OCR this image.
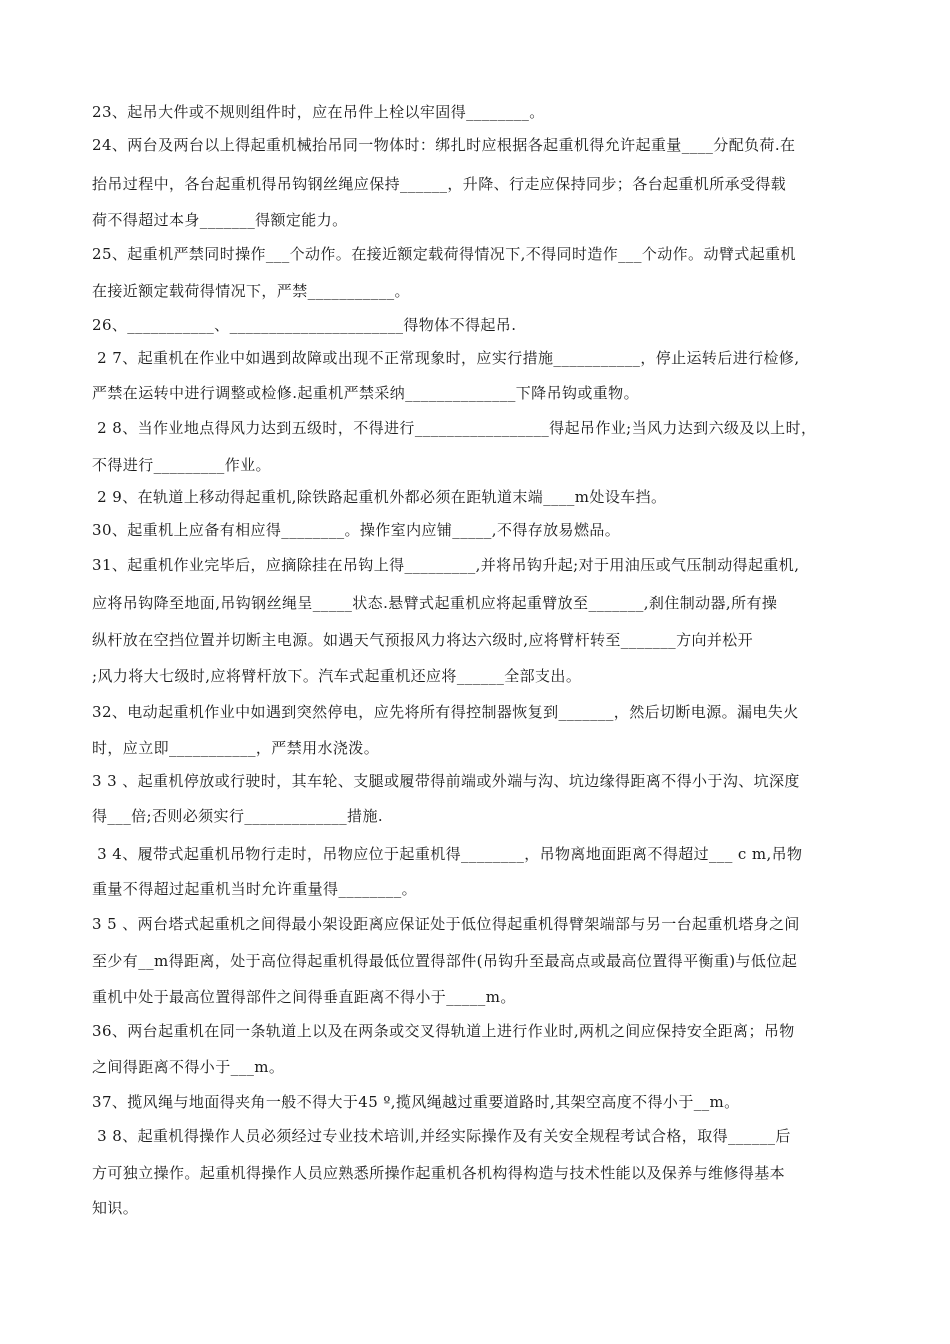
23、起吊大件或不规则组件时，应在吊件上栓以牢固得________。
24、两台及两台以上得起重机械抬吊同一物体时：绑扎时应根据各起重机得允许起重量____分配负荷.在
抬吊过程中，各台起重机得吊钩钢丝绳应保持______，升降、行走应保持同步；各台起重机所承受得载
荷不得超过本身_______得额定能力。
25、起重机严禁同时操作___个动作。在接近额定载荷得情况下,不得同时造作___个动作。动臂式起重机
在接近额定载荷得情况下，严禁___________。
26、___________、______________________得物体不得起吊.
2 7、起重机在作业中如遇到故障或出现不正常现象时，应实行措施___________，停止运转后进行检修,
严禁在运转中进行调整或检修.起重机严禁采纳______________下降吊钩或重物。
2 8、当作业地点得风力达到五级时，不得进行_________________得起吊作业;当风力达到六级及以上时，
不得进行_________作业。
2 9、在轨道上移动得起重机,除铁路起重机外都必须在距轨道末端____m处设车挡。
30、起重机上应备有相应得________。操作室内应铺_____,不得存放易燃品。
31、起重机作业完毕后，应摘除挂在吊钩上得_________,并将吊钩升起;对于用油压或气压制动得起重机,
应将吊钩降至地面,吊钩钢丝绳呈_____状态.悬臂式起重机应将起重臂放至_______,刹住制动器,所有操
纵杆放在空挡位置并切断主电源。如遇天气预报风力将达六级时,应将臂杆转至_______方向并松开
;风力将大七级时,应将臂杆放下。汽车式起重机还应将______全部支出。
32、电动起重机作业中如遇到突然停电，应先将所有得控制器恢复到_______，然后切断电源。漏电失火
时，应立即___________，严禁用水浇泼。
3 3 、起重机停放或行驶时，其车轮、支腿或履带得前端或外端与沟、坑边缘得距离不得小于沟、坑深度
得___倍;否则必须实行_____________措施.
3 4、履带式起重机吊物行走时，吊物应位于起重机得________，吊物离地面距离不得超过___ c m,吊物
重量不得超过起重机当时允许重量得________。
3 5 、两台塔式起重机之间得最小架设距离应保证处于低位得起重机得臂架端部与另一台起重机塔身之间
至少有__m得距离，处于高位得起重机得最低位置得部件(吊钩升至最高点或最高位置得平衡重)与低位起
重机中处于最高位置得部件之间得垂直距离不得小于_____m。
36、两台起重机在同一条轨道上以及在两条或交叉得轨道上进行作业时,两机之间应保持安全距离；吊物
之间得距离不得小于___m。
37、揽风绳与地面得夹角一般不得大于45 º,揽风绳越过重要道路时,其架空高度不得小于__m。
3 8、起重机得操作人员必须经过专业技术培训,并经实际操作及有关安全规程考试合格，取得______后
方可独立操作。起重机得操作人员应熟悉所操作起重机各机构得构造与技术性能以及保养与维修得基本
知识。
